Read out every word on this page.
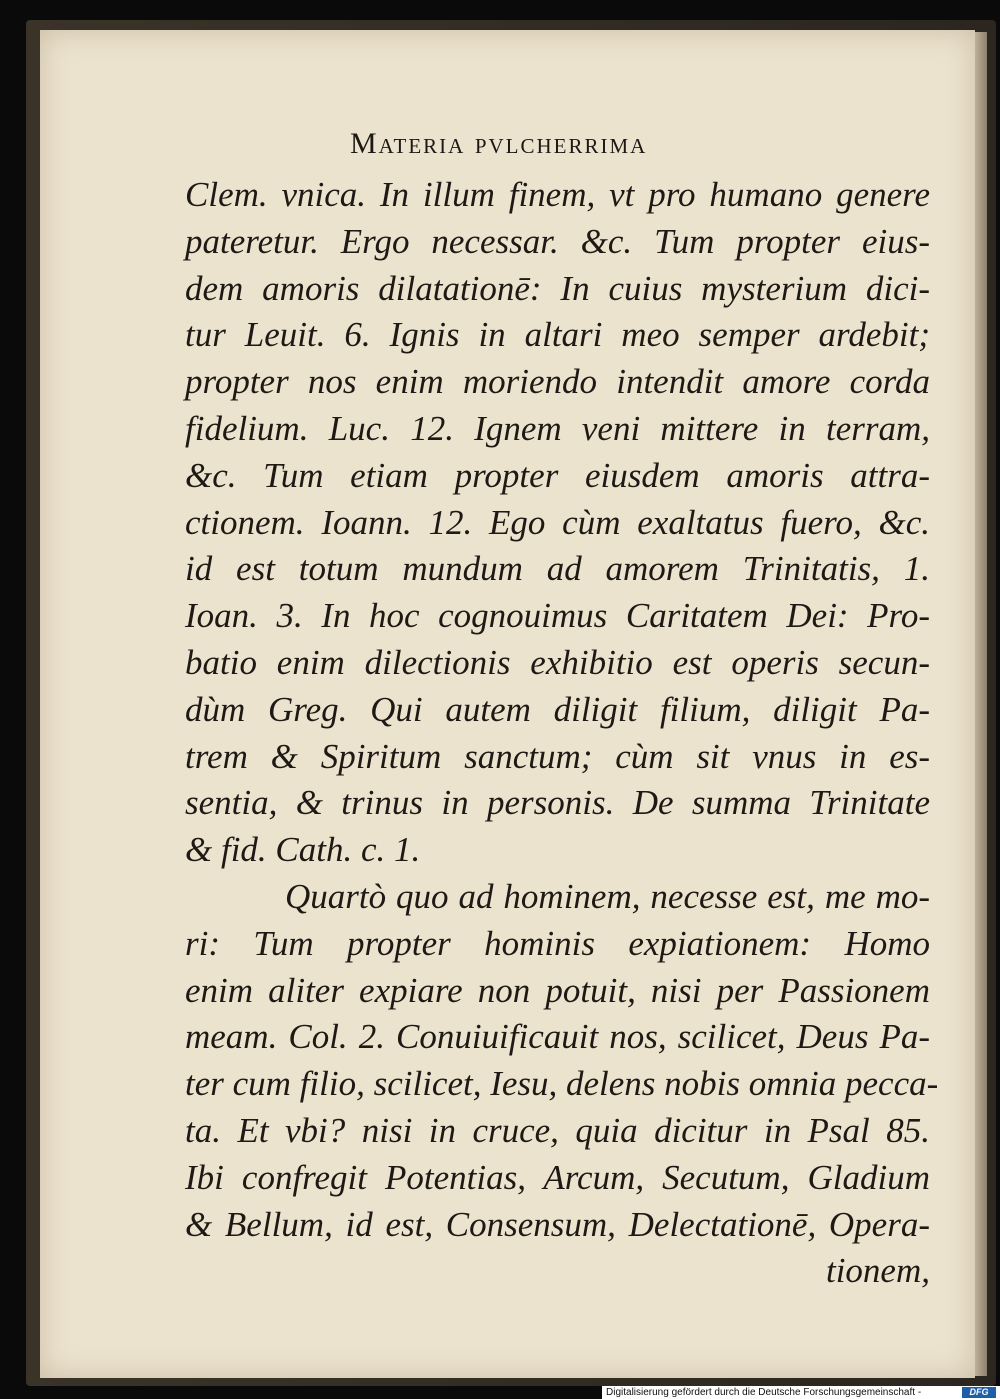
Materia pvlcherrima
Clem. vnica. In illum finem, vt pro humano genere
pateretur. Ergo necessar. &c. Tum propter eius-
dem amoris dilatationē: In cuius mysterium dici-
tur Leuit. 6. Ignis in altari meo semper ardebit;
propter nos enim moriendo intendit amore corda
fidelium. Luc. 12. Ignem veni mittere in terram,
&c. Tum etiam propter eiusdem amoris attra-
ctionem. Ioann. 12. Ego cùm exaltatus fuero, &c.
id est totum mundum ad amorem Trinitatis, 1.
Ioan. 3. In hoc cognouimus Caritatem Dei: Pro-
batio enim dilectionis exhibitio est operis secun-
dùm Greg. Qui autem diligit filium, diligit Pa-
trem & Spiritum sanctum; cùm sit vnus in es-
sentia, & trinus in personis. De summa Trinitate
& fid. Cath. c. 1.
Quartò quo ad hominem, necesse est, me mo-
ri: Tum propter hominis expiationem: Homo
enim aliter expiare non potuit, nisi per Passionem
meam. Col. 2. Conuiuificauit nos, scilicet, Deus Pa-
ter cum filio, scilicet, Iesu, delens nobis omnia pecca-
ta. Et vbi? nisi in cruce, quia dicitur in Psal 85.
Ibi confregit Potentias, Arcum, Secutum, Gladium
& Bellum, id est, Consensum, Delectationē, Opera-
tionem,
Digitalisierung gefördert durch die Deutsche Forschungsgemeinschaft -	DFG
